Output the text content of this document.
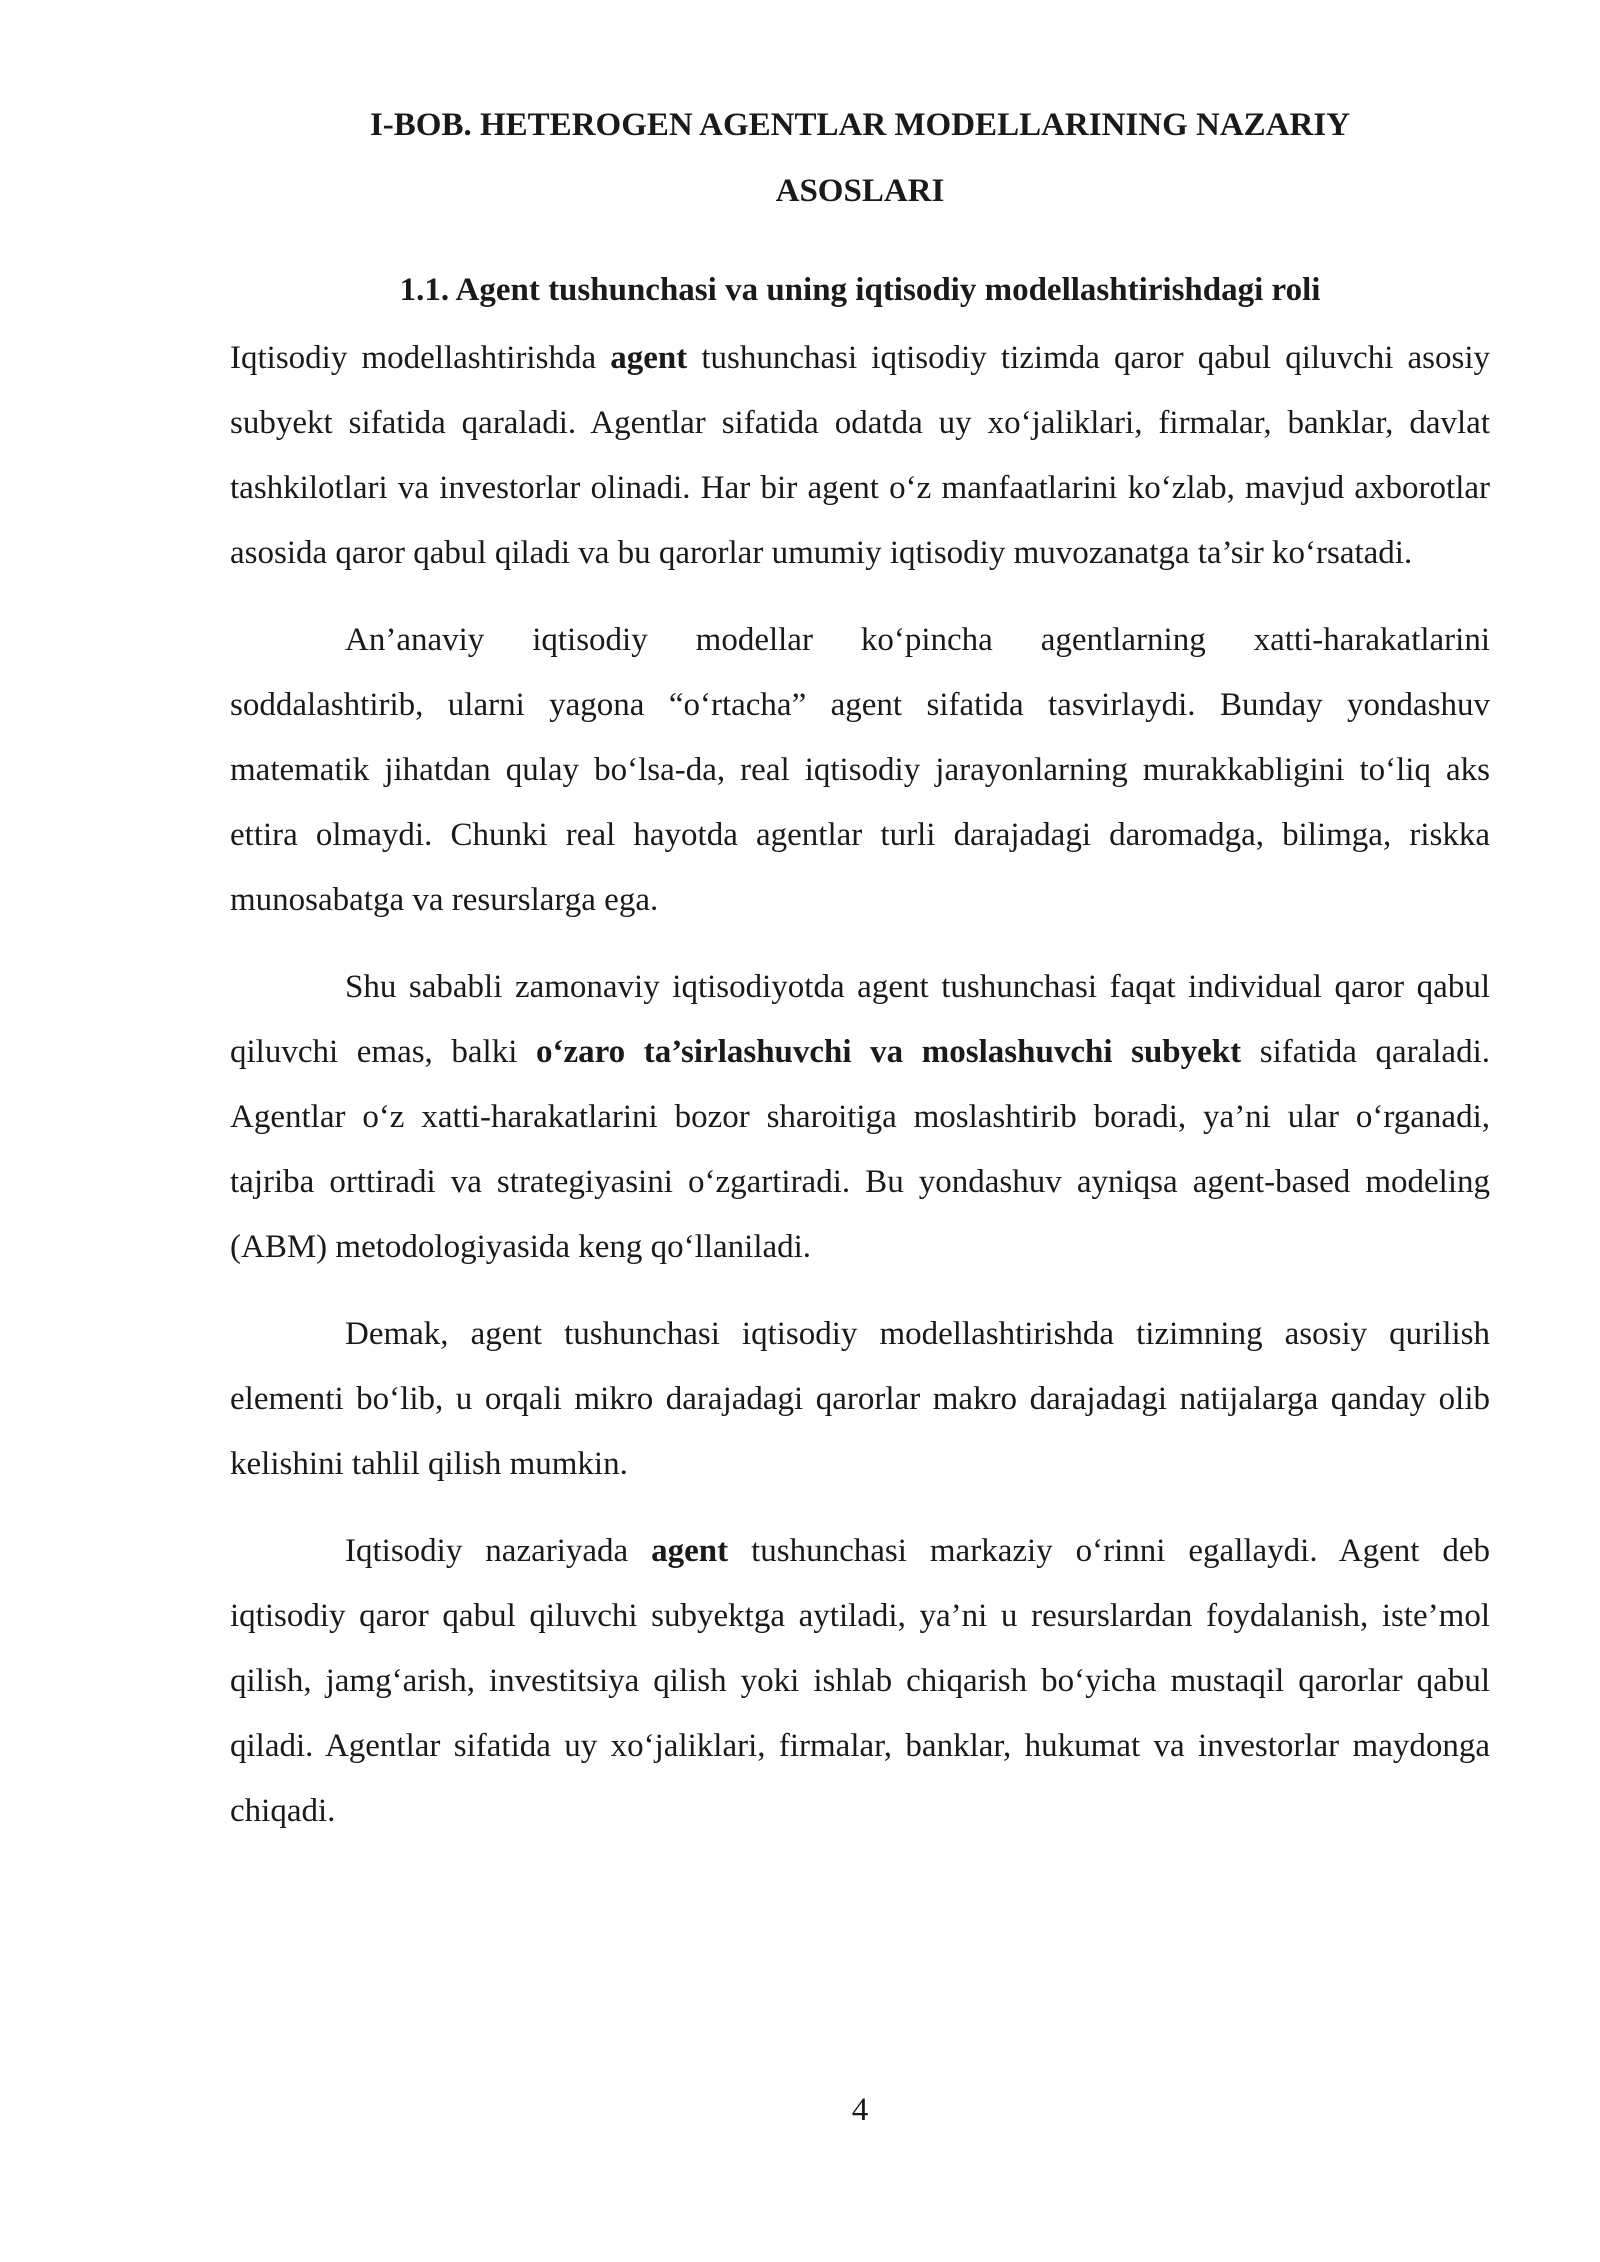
I-BOB. HETEROGEN AGENTLAR MODELLARINING NAZARIY
ASOSLARI
1.1. Agent tushunchasi va uning iqtisodiy modellashtirishdagi roli

Iqtisodiy modellashtirishda agent tushunchasi iqtisodiy tizimda qaror qabul qiluvchi asosiy subyekt sifatida qaraladi. Agentlar sifatida odatda uy xo‘jaliklari, firmalar, banklar, davlat tashkilotlari va investorlar olinadi. Har bir agent o‘z manfaatlarini ko‘zlab, mavjud axborotlar asosida qaror qabul qiladi va bu qarorlar umumiy iqtisodiy muvozanatga ta’sir ko‘rsatadi.

An’anaviy iqtisodiy modellar ko‘pincha agentlarning xatti-harakatlarini soddalashtirib, ularni yagona “o‘rtacha” agent sifatida tasvirlaydi. Bunday yondashuv matematik jihatdan qulay bo‘lsa-da, real iqtisodiy jarayonlarning murakkabligini to‘liq aks ettira olmaydi. Chunki real hayotda agentlar turli darajadagi daromadga, bilimga, riskka munosabatga va resurslarga ega.

Shu sababli zamonaviy iqtisodiyotda agent tushunchasi faqat individual qaror qabul qiluvchi emas, balki o‘zaro ta’sirlashuvchi va moslashuvchi subyekt sifatida qaraladi. Agentlar o‘z xatti-harakatlarini bozor sharoitiga moslashtirib boradi, ya’ni ular o‘rganadi, tajriba orttiradi va strategiyasini o‘zgartiradi. Bu yondashuv ayniqsa agent-based modeling (ABM) metodologiyasida keng qo‘llaniladi.

Demak, agent tushunchasi iqtisodiy modellashtirishda tizimning asosiy qurilish elementi bo‘lib, u orqali mikro darajadagi qarorlar makro darajadagi natijalarga qanday olib kelishini tahlil qilish mumkin.

Iqtisodiy nazariyada agent tushunchasi markaziy o‘rinni egallaydi. Agent deb iqtisodiy qaror qabul qiluvchi subyektga aytiladi, ya’ni u resurslardan foydalanish, iste’mol qilish, jamg‘arish, investitsiya qilish yoki ishlab chiqarish bo‘yicha mustaqil qarorlar qabul qiladi. Agentlar sifatida uy xo‘jaliklari, firmalar, banklar, hukumat va investorlar maydonga chiqadi.

4
